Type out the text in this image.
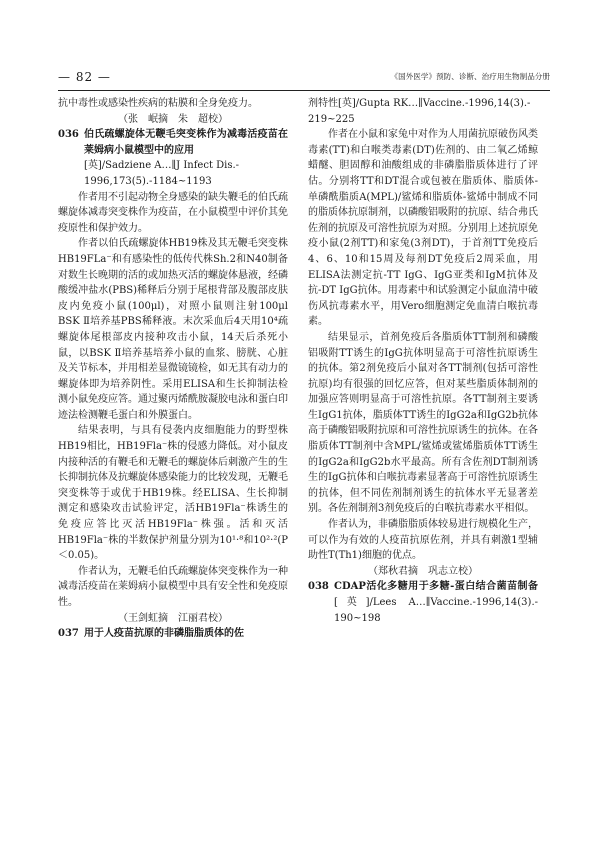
— 82 —	《国外医学》预防、诊断、治疗用生物制品分册

抗中毒性或感染性疾病的粘膜和全身免疫力。

（张　岷摘　朱　超校）

036 伯氏疏螺旋体无鞭毛突变株作为减毒活疫苗在莱姆病小鼠模型中的应用

[英]/Sadziene A…∥J Infect Dis.‐1996,173(5).‐1184~1193

作者用不引起动物全身感染的缺失鞭毛的伯氏疏螺旋体减毒突变株作为疫苗，在小鼠模型中评价其免疫原性和保护效力。

作者以伯氏疏螺旋体HB19株及其无鞭毛突变株HB19FLa⁻和有感染性的低传代株Sh.2和N40制备对数生长晚期的活的或加热灭活的螺旋体悬液，经磷酸缓冲盐水(PBS)稀释后分别于尾根背部及腹部皮肤皮内免疫小鼠(100μl)，对照小鼠则注射100μl BSK Ⅱ培养基PBS稀释液。末次采血后4天用10⁴疏螺旋体尾根部皮内接种攻击小鼠，14天后杀死小鼠，以BSK Ⅱ培养基培养小鼠的血浆、膀胱、心脏及关节标本，并用相差显微镜镜检，如无其有动力的螺旋体即为培养阴性。采用ELISA和生长抑制法检测小鼠免疫应答。通过聚丙烯酰胺凝胶电泳和蛋白印迹法检测鞭毛蛋白和外膜蛋白。

结果表明，与具有侵袭内皮细胞能力的野型株HB19相比，HB19Fla⁻株的侵感力降低。对小鼠皮内接种活的有鞭毛和无鞭毛的螺旋体后刺激产生的生长抑制抗体及抗螺旋体感染能力的比较发现，无鞭毛突变株等于或优于HB19株。经ELISA、生长抑制测定和感染攻击试验评定，活HB19Fla⁻株诱生的免疫应答比灭活HB19Fla⁻株强。活和灭活HB19Fla⁻株的半数保护剂量分别为10¹·⁸和10²·²(P＜0.05)。

作者认为，无鞭毛伯氏疏螺旋体突变株作为一种减毒活疫苗在莱姆病小鼠模型中具有安全性和免疫原性。

（王剑虹摘　江丽君校）

037 用于人疫苗抗原的非磷脂脂质体的佐

剂特性[英]/Gupta RK…∥Vaccine.‐1996,14(3).‐219~225

作者在小鼠和家兔中对作为人用菌抗原破伤风类毒素(TT)和白喉类毒素(DT)佐剂的、由二氧乙烯鲸蜡醚、胆固醇和油酸组成的非磷脂脂质体进行了评估。分别将TT和DT混合或包被在脂质体、脂质体‐单磷酰脂质A(MPL)/鲨烯和脂质体‐鲨烯中制成不同的脂质体抗原制剂，以磷酸铝吸附的抗原、结合弗氏佐剂的抗原及可溶性抗原为对照。分别用上述抗原免疫小鼠(2剂TT)和家兔(3剂DT)，于首剂TT免疫后4、6、10和15周及每剂DT免疫后2周采血，用ELISA法测定抗‐TT IgG、IgG亚类和IgM抗体及抗‐DT IgG抗体。用毒素中和试验测定小鼠血清中破伤风抗毒素水平，用Vero细胞测定免血清白喉抗毒素。

结果显示，首剂免疫后各脂质体TT制剂和磷酸铝吸附TT诱生的IgG抗体明显高于可溶性抗原诱生的抗体。第2剂免疫后小鼠对各TT制剂(包括可溶性抗原)均有很强的回忆应答，但对某些脂质体制剂的加强应答则明显高于可溶性抗原。各TT制剂主要诱生IgG1抗体，脂质体TT诱生的IgG2a和IgG2b抗体高于磷酸铝吸附抗原和可溶性抗原诱生的抗体。在各脂质体TT制剂中含MPL/鲨烯或鲨烯脂质体TT诱生的IgG2a和IgG2b水平最高。所有含佐剂DT制剂诱生的IgG抗体和白喉抗毒素显著高于可溶性抗原诱生的抗体，但不同佐剂制剂诱生的抗体水平无显著差别。各佐剂制剂3剂免疫后的白喉抗毒素水平相似。

作者认为，非磷脂脂质体较易进行规模化生产，可以作为有效的人疫苗抗原佐剂，并具有刺激1型辅助性T(Th1)细胞的优点。

（郑秋君摘　巩志立校）

038 CDAP活化多糖用于多糖‐蛋白结合菌苗制备[英]/Lees A…∥Vaccine.‐1996,14(3).‐190~198
